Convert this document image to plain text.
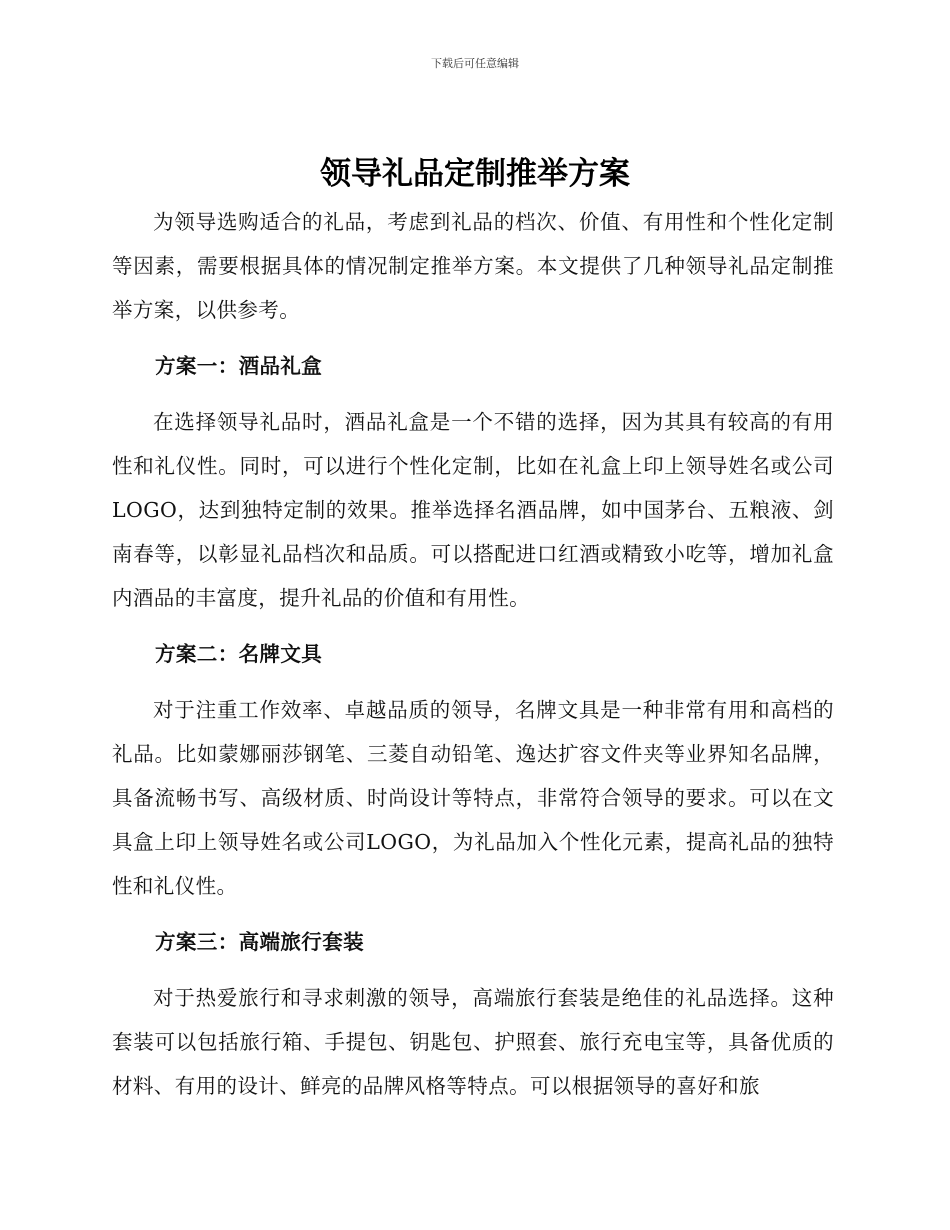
下载后可任意编辑
领导礼品定制推举方案

为领导选购适合的礼品，考虑到礼品的档次、价值、有用性和个性化定制等因素，需要根据具体的情况制定推举方案。本文提供了几种领导礼品定制推举方案，以供参考。

方案一：酒品礼盒

在选择领导礼品时，酒品礼盒是一个不错的选择，因为其具有较高的有用性和礼仪性。同时，可以进行个性化定制，比如在礼盒上印上领导姓名或公司LOGO，达到独特定制的效果。推举选择名酒品牌，如中国茅台、五粮液、剑南春等，以彰显礼品档次和品质。可以搭配进口红酒或精致小吃等，增加礼盒内酒品的丰富度，提升礼品的价值和有用性。

方案二：名牌文具

对于注重工作效率、卓越品质的领导，名牌文具是一种非常有用和高档的礼品。比如蒙娜丽莎钢笔、三菱自动铅笔、逸达扩容文件夹等业界知名品牌，具备流畅书写、高级材质、时尚设计等特点，非常符合领导的要求。可以在文具盒上印上领导姓名或公司LOGO，为礼品加入个性化元素，提高礼品的独特性和礼仪性。

方案三：高端旅行套装

对于热爱旅行和寻求刺激的领导，高端旅行套装是绝佳的礼品选择。这种套装可以包括旅行箱、手提包、钥匙包、护照套、旅行充电宝等，具备优质的材料、有用的设计、鲜亮的品牌风格等特点。可以根据领导的喜好和旅
